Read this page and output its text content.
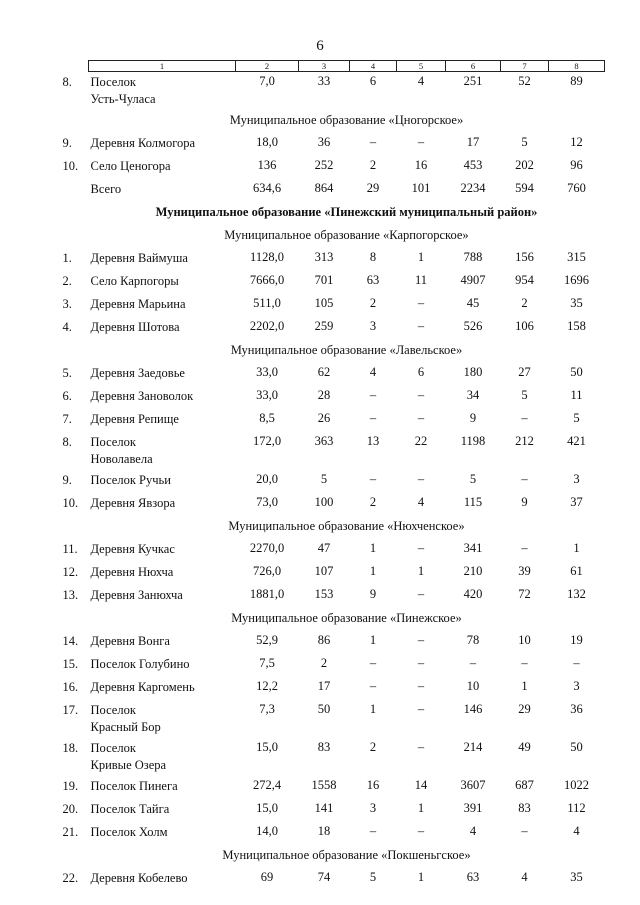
6
1	2	3	4	5	6	7	8
8. Поселок
Усть-Чуласа	7,0	33	6	4	251	52	89
Муниципальное образование «Цногорское»							
9. Деревня Колмогора	18,0	36	–	–	17	5	12
10. Село Ценогора	136	252	2	16	453	202	96
Всего	634,6	864	29	101	2234	594	760
Муниципальное образование «Пинежский муниципальный район»							
Муниципальное образование «Карпогорское»							
1. Деревня Ваймуша	1128,0	313	8	1	788	156	315
2. Село Карпогоры	7666,0	701	63	11	4907	954	1696
3. Деревня Марьина	511,0	105	2	–	45	2	35
4. Деревня Шотова	2202,0	259	3	–	526	106	158
Муниципальное образование «Лавельское»							
5. Деревня Заедовье	33,0	62	4	6	180	27	50
6. Деревня Зановолок	33,0	28	–	–	34	5	11
7. Деревня Репище	8,5	26	–	–	9	–	5
8. Поселок
Новолавела	172,0	363	13	22	1198	212	421
9. Поселок Ручьи	20,0	5	–	–	5	–	3
10. Деревня Явзора	73,0	100	2	4	115	9	37
Муниципальное образование «Нюхченское»							
11. Деревня Кучкас	2270,0	47	1	–	341	–	1
12. Деревня Нюхча	726,0	107	1	1	210	39	61
13. Деревня Занюхча	1881,0	153	9	–	420	72	132
Муниципальное образование «Пинежское»							
14. Деревня Вонга	52,9	86	1	–	78	10	19
15. Поселок Голубино	7,5	2	–	–	–	–	–
16. Деревня Каргомень	12,2	17	–	–	10	1	3
17. Поселок
Красный Бор	7,3	50	1	–	146	29	36
18. Поселок
Кривые Озера	15,0	83	2	–	214	49	50
19. Поселок Пинега	272,4	1558	16	14	3607	687	1022
20. Поселок Тайга	15,0	141	3	1	391	83	112
21. Поселок Холм	14,0	18	–	–	4	–	4
Муниципальное образование «Покшеньгское»							
22. Деревня Кобелево	69	74	5	1	63	4	35
